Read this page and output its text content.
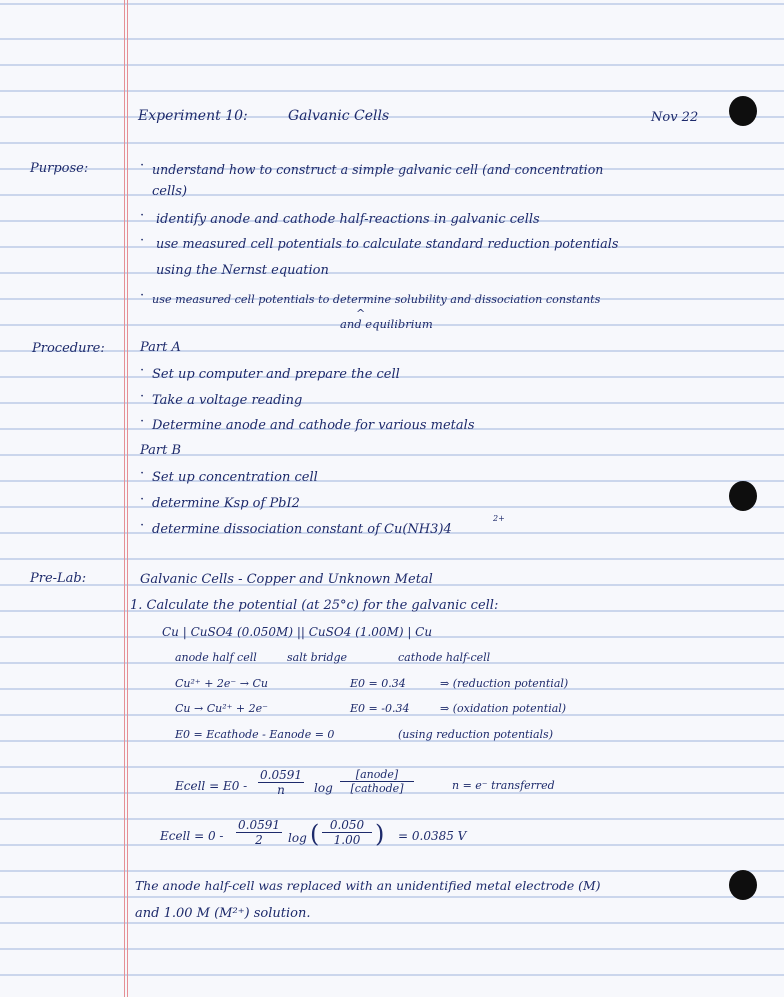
Experiment 10:	Galvanic Cells	Nov 22
Purpose:	· understand how to construct a simple galvanic cell (and concentration
cells)
· identify anode and cathode half-reactions in galvanic cells
· use measured cell potentials to calculate standard reduction potentials
using the Nernst equation
· use measured cell potentials to determine solubility and dissociation constants
^
and equilibrium
Procedure:	Part A
· Set up computer and prepare the cell
· Take a voltage reading
· Determine anode and cathode for various metals
Part B
· Set up concentration cell
· determine Ksp of PbI2
· determine dissociation constant of Cu(NH3)4
2+
Pre-Lab:	Galvanic Cells - Copper and Unknown Metal
1. Calculate the potential (at 25°c) for the galvanic cell:
Cu | CuSO4 (0.050M) || CuSO4 (1.00M) | Cu
anode half cell	salt bridge	cathode half-cell
Cu²⁺ + 2e⁻ → Cu	E0 = 0.34	⇒ (reduction potential)
Cu → Cu²⁺ + 2e⁻	E0 = -0.34	⇒ (oxidation potential)
E0 = Ecathode - Eanode = 0	(using reduction potentials)
Ecell = $E0 - \frac{0.0591}{n}$ log
[anode]
[cathode]	n = e⁻ transferred
Ecell = $0 - \frac{0.0591}{2}$ log ( $\frac{0.050}{1.00}$ ) = 0.0385 V
The anode half-cell was replaced with an unidentified metal electrode (M)
and 1.00 M (M²⁺) solution.
